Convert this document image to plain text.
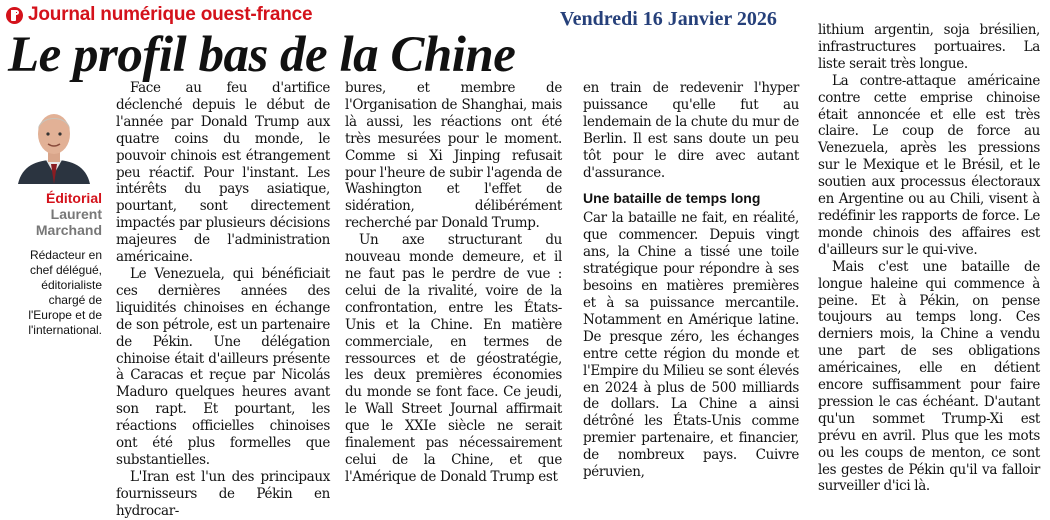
Journal numérique ouest-france	Vendredi 16 Janvier 2026
Le profil bas de la Chine
Éditorial
Laurent
Marchand
Rédacteur en chef délégué, éditorialiste chargé de l'Europe et de l'international.

Face au feu d'artifice déclenché depuis le début de l'année par Donald Trump aux quatre coins du monde, le pouvoir chinois est étrangement peu réactif. Pour l'instant. Les intérêts du pays asiatique, pourtant, sont directement impactés par plusieurs décisions majeures de l'administration américaine.

Le Venezuela, qui bénéficiait ces dernières années des liquidités chinoises en échange de son pétrole, est un partenaire de Pékin. Une délégation chinoise était d'ailleurs présente à Caracas et reçue par Nicolás Maduro quelques heures avant son rapt. Et pourtant, les réactions officielles chinoises ont été plus formelles que substantielles.

L'Iran est l'un des principaux fournisseurs de Pékin en hydrocar-

bures, et membre de l'Organisation de Shanghai, mais là aussi, les réactions ont été très mesurées pour le moment. Comme si Xi Jinping refusait pour l'heure de subir l'agenda de Washington et l'effet de sidération, délibérément recherché par Donald Trump.

Un axe structurant du nouveau monde demeure, et il ne faut pas le perdre de vue : celui de la rivalité, voire de la confrontation, entre les États-Unis et la Chine. En matière commerciale, en termes de ressources et de géostratégie, les deux premières économies du monde se font face. Ce jeudi, le Wall Street Journal affirmait que le XXIe siècle ne serait finalement pas nécessairement celui de la Chine, et que l'Amérique de Donald Trump est

en train de redevenir l'hyper puissance qu'elle fut au lendemain de la chute du mur de Berlin. Il est sans doute un peu tôt pour le dire avec autant d'assurance.

Une bataille de temps long

Car la bataille ne fait, en réalité, que commencer. Depuis vingt ans, la Chine a tissé une toile stratégique pour répondre à ses besoins en matières premières et à sa puissance mercantile. Notamment en Amérique latine. De presque zéro, les échanges entre cette région du monde et l'Empire du Milieu se sont élevés en 2024 à plus de 500 milliards de dollars. La Chine a ainsi détrôné les États-Unis comme premier partenaire, et financier, de nombreux pays. Cuivre péruvien,

lithium argentin, soja brésilien, infrastructures portuaires. La liste serait très longue.

La contre-attaque américaine contre cette emprise chinoise était annoncée et elle est très claire. Le coup de force au Venezuela, après les pressions sur le Mexique et le Brésil, et le soutien aux processus électoraux en Argentine ou au Chili, visent à redéfinir les rapports de force. Le monde chinois des affaires est d'ailleurs sur le qui-vive.

Mais c'est une bataille de longue haleine qui commence à peine. Et à Pékin, on pense toujours au temps long. Ces derniers mois, la Chine a vendu une part de ses obligations américaines, elle en détient encore suffisamment pour faire pression le cas échéant. D'autant qu'un sommet Trump-Xi est prévu en avril. Plus que les mots ou les coups de menton, ce sont les gestes de Pékin qu'il va falloir surveiller d'ici là.
